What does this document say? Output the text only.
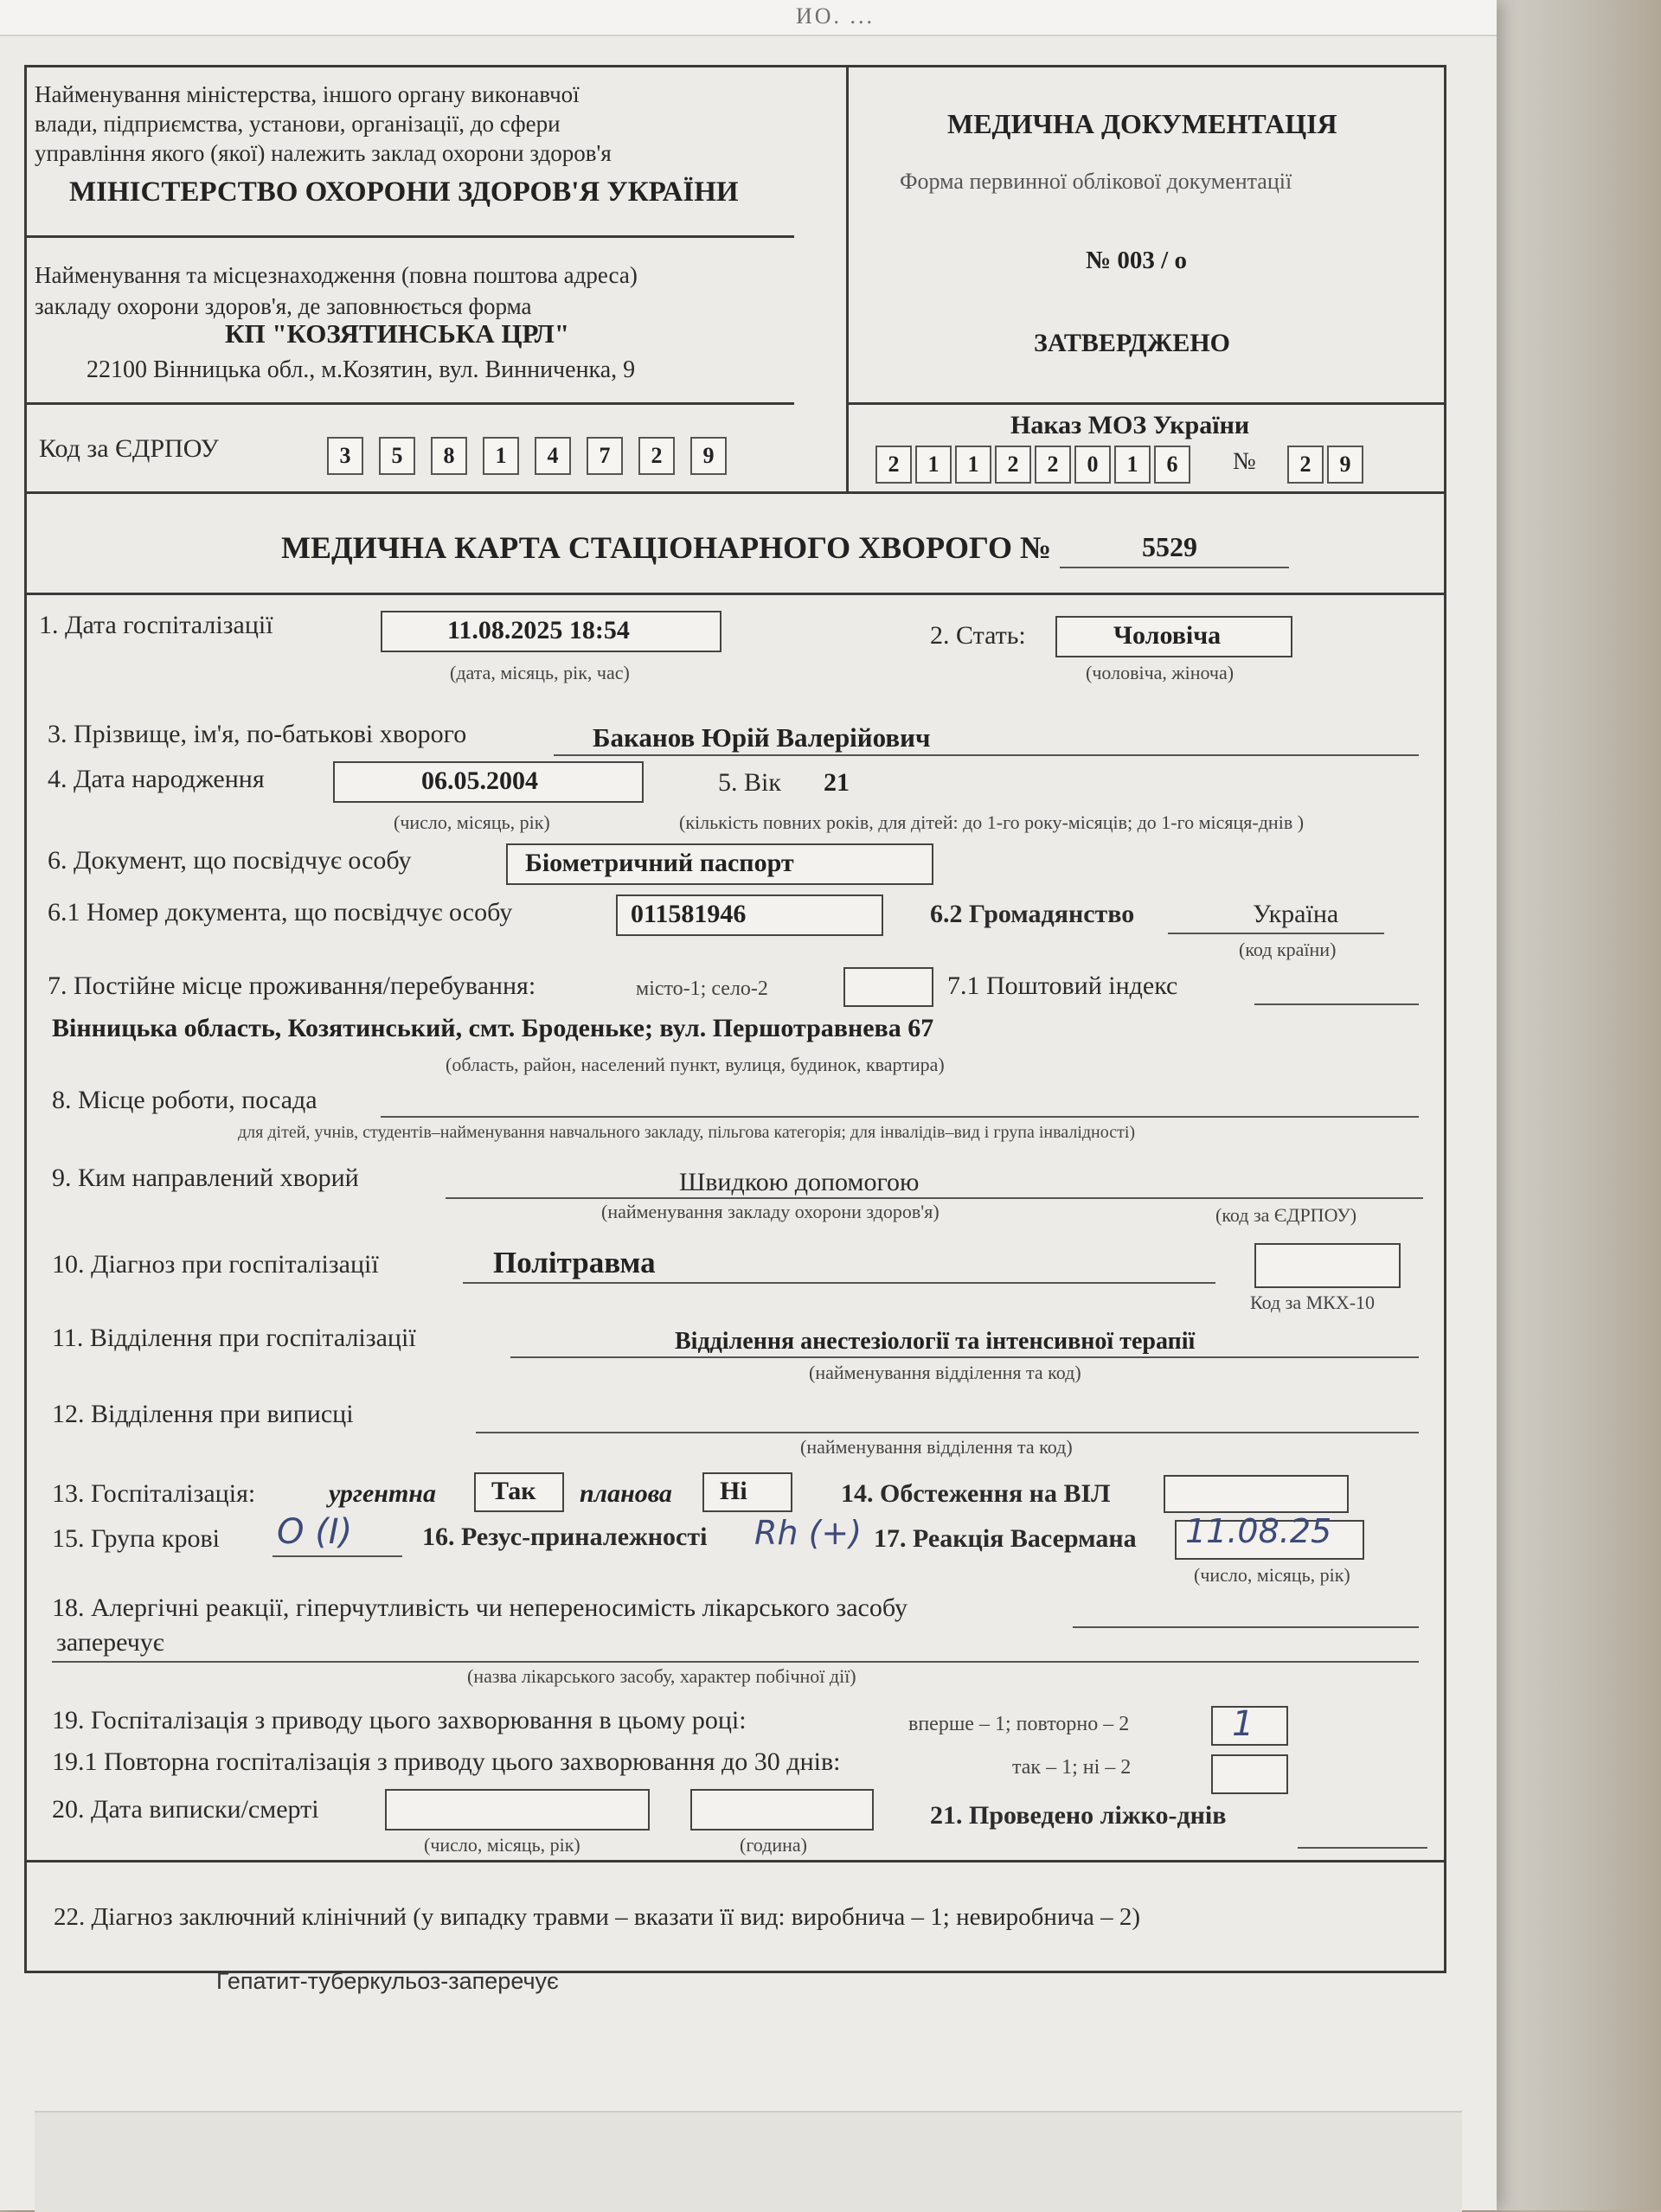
ИО. ...
Найменування міністерства, іншого органу виконавчої
влади, підприємства, установи, організації, до сфери
управління якого (якої) належить заклад охорони здоров'я
МІНІСТЕРСТВО ОХОРОНИ ЗДОРОВ'Я УКРАЇНИ
Найменування та місцезнаходження (повна поштова адреса)
закладу охорони здоров'я, де заповнюється форма
КП "КОЗЯТИНСЬКА ЦРЛ"
22100 Вінницька обл., м.Козятин, вул. Винниченка, 9
Код за ЄДРПОУ	3	5	8	1	4	7	2	9
МЕДИЧНА ДОКУМЕНТАЦІЯ
Форма первинної облікової документації
№ 003 / о
ЗАТВЕРДЖЕНО
Наказ МОЗ України
2	1	1	2	2	0	1	6	№	2	9
МЕДИЧНА КАРТА СТАЦІОНАРНОГО ХВОРОГО №	5529
1. Дата госпіталізації	11.08.2025 18:54
(дата, місяць, рік, час)
2. Стать:	Чоловіча
(чоловіча, жіноча)
3. Прізвище, ім'я, по-батькові хворого	Баканов Юрій Валерійович
4. Дата народження	06.05.2004	5. Вік 21
(число, місяць, рік)	(кількість повних років, для дітей: до 1-го року-місяців; до 1-го місяця-днів )
6. Документ, що посвідчує особу	Біометричний паспорт
6.1 Номер документа, що посвідчує особу	011581946	6.2 Громадянство	Україна
(код країни)
7. Постійне місце проживання/перебування:	місто-1; село-2	7.1 Поштовий індекс
Вінницька область, Козятинський, смт. Броденьке; вул. Першотравнева 67
(область, район, населений пункт, вулиця, будинок, квартира)
8. Місце роботи, посада
для дітей, учнів, студентів–найменування навчального закладу, пільгова категорія; для інвалідів–вид і група інвалідності)
9. Ким направлений хворий	Швидкою допомогою
(найменування закладу охорони здоров'я)	(код за ЄДРПОУ)
10. Діагноз при госпіталізації	Політравма
Код за МКХ-10
11. Відділення при госпіталізації	Відділення анестезіології та інтенсивної терапії
(найменування відділення та код)
12. Відділення при виписці
(найменування відділення та код)
13. Госпіталізація:	ургентна Так планова Ні	14. Обстеження на ВІЛ
15. Група крові O (I)	16. Резус-приналежності Rh (+) 17. Реакція Васермана 11.08.25
(число, місяць, рік)
18. Алергічні реакції, гіперчутливість чи непереносимість лікарського засобу
заперечує
(назва лікарського засобу, характер побічної дії)
19. Госпіталізація з приводу цього захворювання в цьому році:	вперше – 1; повторно – 2	1
19.1 Повторна госпіталізація з приводу цього захворювання до 30 днів:	так – 1; ні – 2
20. Дата виписки/смерті
(число, місяць, рік)	(година)
21. Проведено ліжко-днів
22. Діагноз заключний клінічний (у випадку травми – вказати її вид: виробнича – 1; невиробнича – 2)
Гепатит-туберкульоз-заперечує
